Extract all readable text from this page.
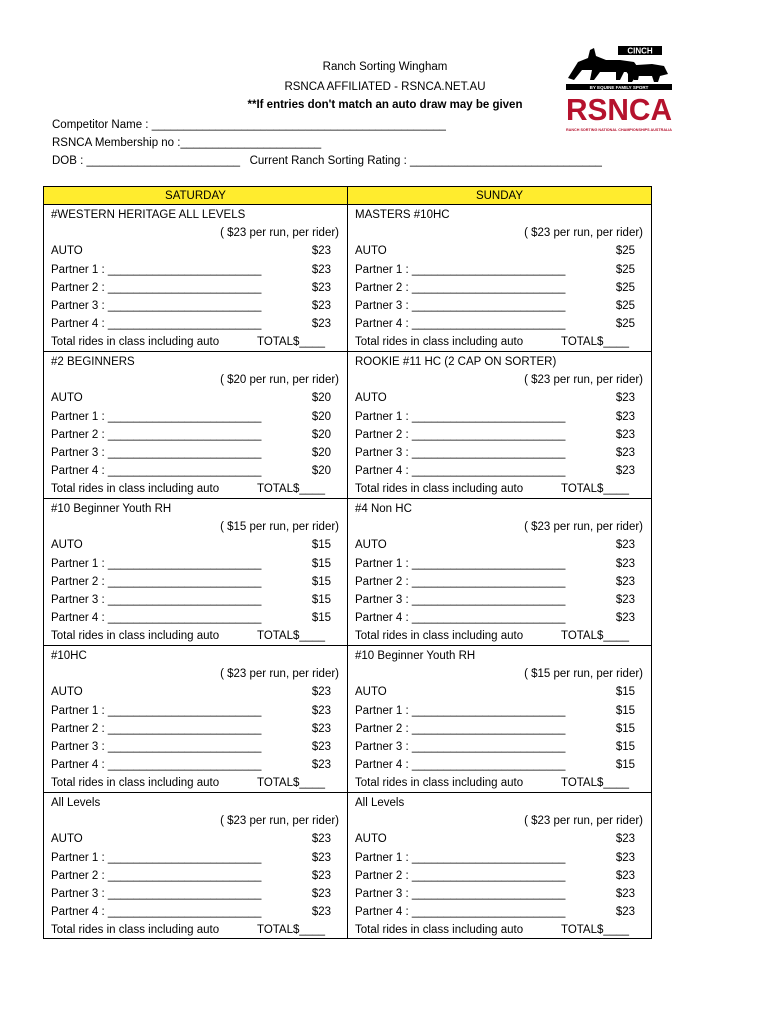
Ranch Sorting Wingham
RSNCA AFFILIATED - RSNCA.NET.AU
**If entries don't match an auto draw may be given
Competitor Name : ______________________________________________
RSNCA Membership no :______________________
DOB : ________________________   Current Ranch Sorting Rating : ______________________________
CINCH
BY EQUINE FAMILY SPORT
RSNCA
RANCH SORTING NATIONAL CHAMPIONSHIPS AUSTRALIA
SATURDAY	SUNDAY
#WESTERN HERITAGE ALL LEVELS
( $23 per run, per rider)
AUTO	$23
Partner 1 : ________________________	$23
Partner 2 : ________________________	$23
Partner 3 : ________________________	$23
Partner 4 : ________________________	$23
Total rides in class including auto	TOTAL$____
#2 BEGINNERS
( $20 per run, per rider)
AUTO	$20
Partner 1 : ________________________	$20
Partner 2 : ________________________	$20
Partner 3 : ________________________	$20
Partner 4 : ________________________	$20
Total rides in class including auto	TOTAL$____
#10 Beginner Youth RH
( $15 per run, per rider)
AUTO	$15
Partner 1 : ________________________	$15
Partner 2 : ________________________	$15
Partner 3 : ________________________	$15
Partner 4 : ________________________	$15
Total rides in class including auto	TOTAL$____
#10HC
( $23 per run, per rider)
AUTO	$23
Partner 1 : ________________________	$23
Partner 2 : ________________________	$23
Partner 3 : ________________________	$23
Partner 4 : ________________________	$23
Total rides in class including auto	TOTAL$____
All Levels
( $23 per run, per rider)
AUTO	$23
Partner 1 : ________________________	$23
Partner 2 : ________________________	$23
Partner 3 : ________________________	$23
Partner 4 : ________________________	$23
Total rides in class including auto	TOTAL$____
MASTERS #10HC
( $23 per run, per rider)
AUTO	$25
Partner 1 : ________________________	$25
Partner 2 : ________________________	$25
Partner 3 : ________________________	$25
Partner 4 : ________________________	$25
Total rides in class including auto	TOTAL$____
ROOKIE #11 HC (2 CAP ON SORTER)
( $23 per run, per rider)
AUTO	$23
Partner 1 : ________________________	$23
Partner 2 : ________________________	$23
Partner 3 : ________________________	$23
Partner 4 : ________________________	$23
Total rides in class including auto	TOTAL$____
#4 Non HC
( $23 per run, per rider)
AUTO	$23
Partner 1 : ________________________	$23
Partner 2 : ________________________	$23
Partner 3 : ________________________	$23
Partner 4 : ________________________	$23
Total rides in class including auto	TOTAL$____
#10 Beginner Youth RH
( $15 per run, per rider)
AUTO	$15
Partner 1 : ________________________	$15
Partner 2 : ________________________	$15
Partner 3 : ________________________	$15
Partner 4 : ________________________	$15
Total rides in class including auto	TOTAL$____
All Levels
( $23 per run, per rider)
AUTO	$23
Partner 1 : ________________________	$23
Partner 2 : ________________________	$23
Partner 3 : ________________________	$23
Partner 4 : ________________________	$23
Total rides in class including auto	TOTAL$____
